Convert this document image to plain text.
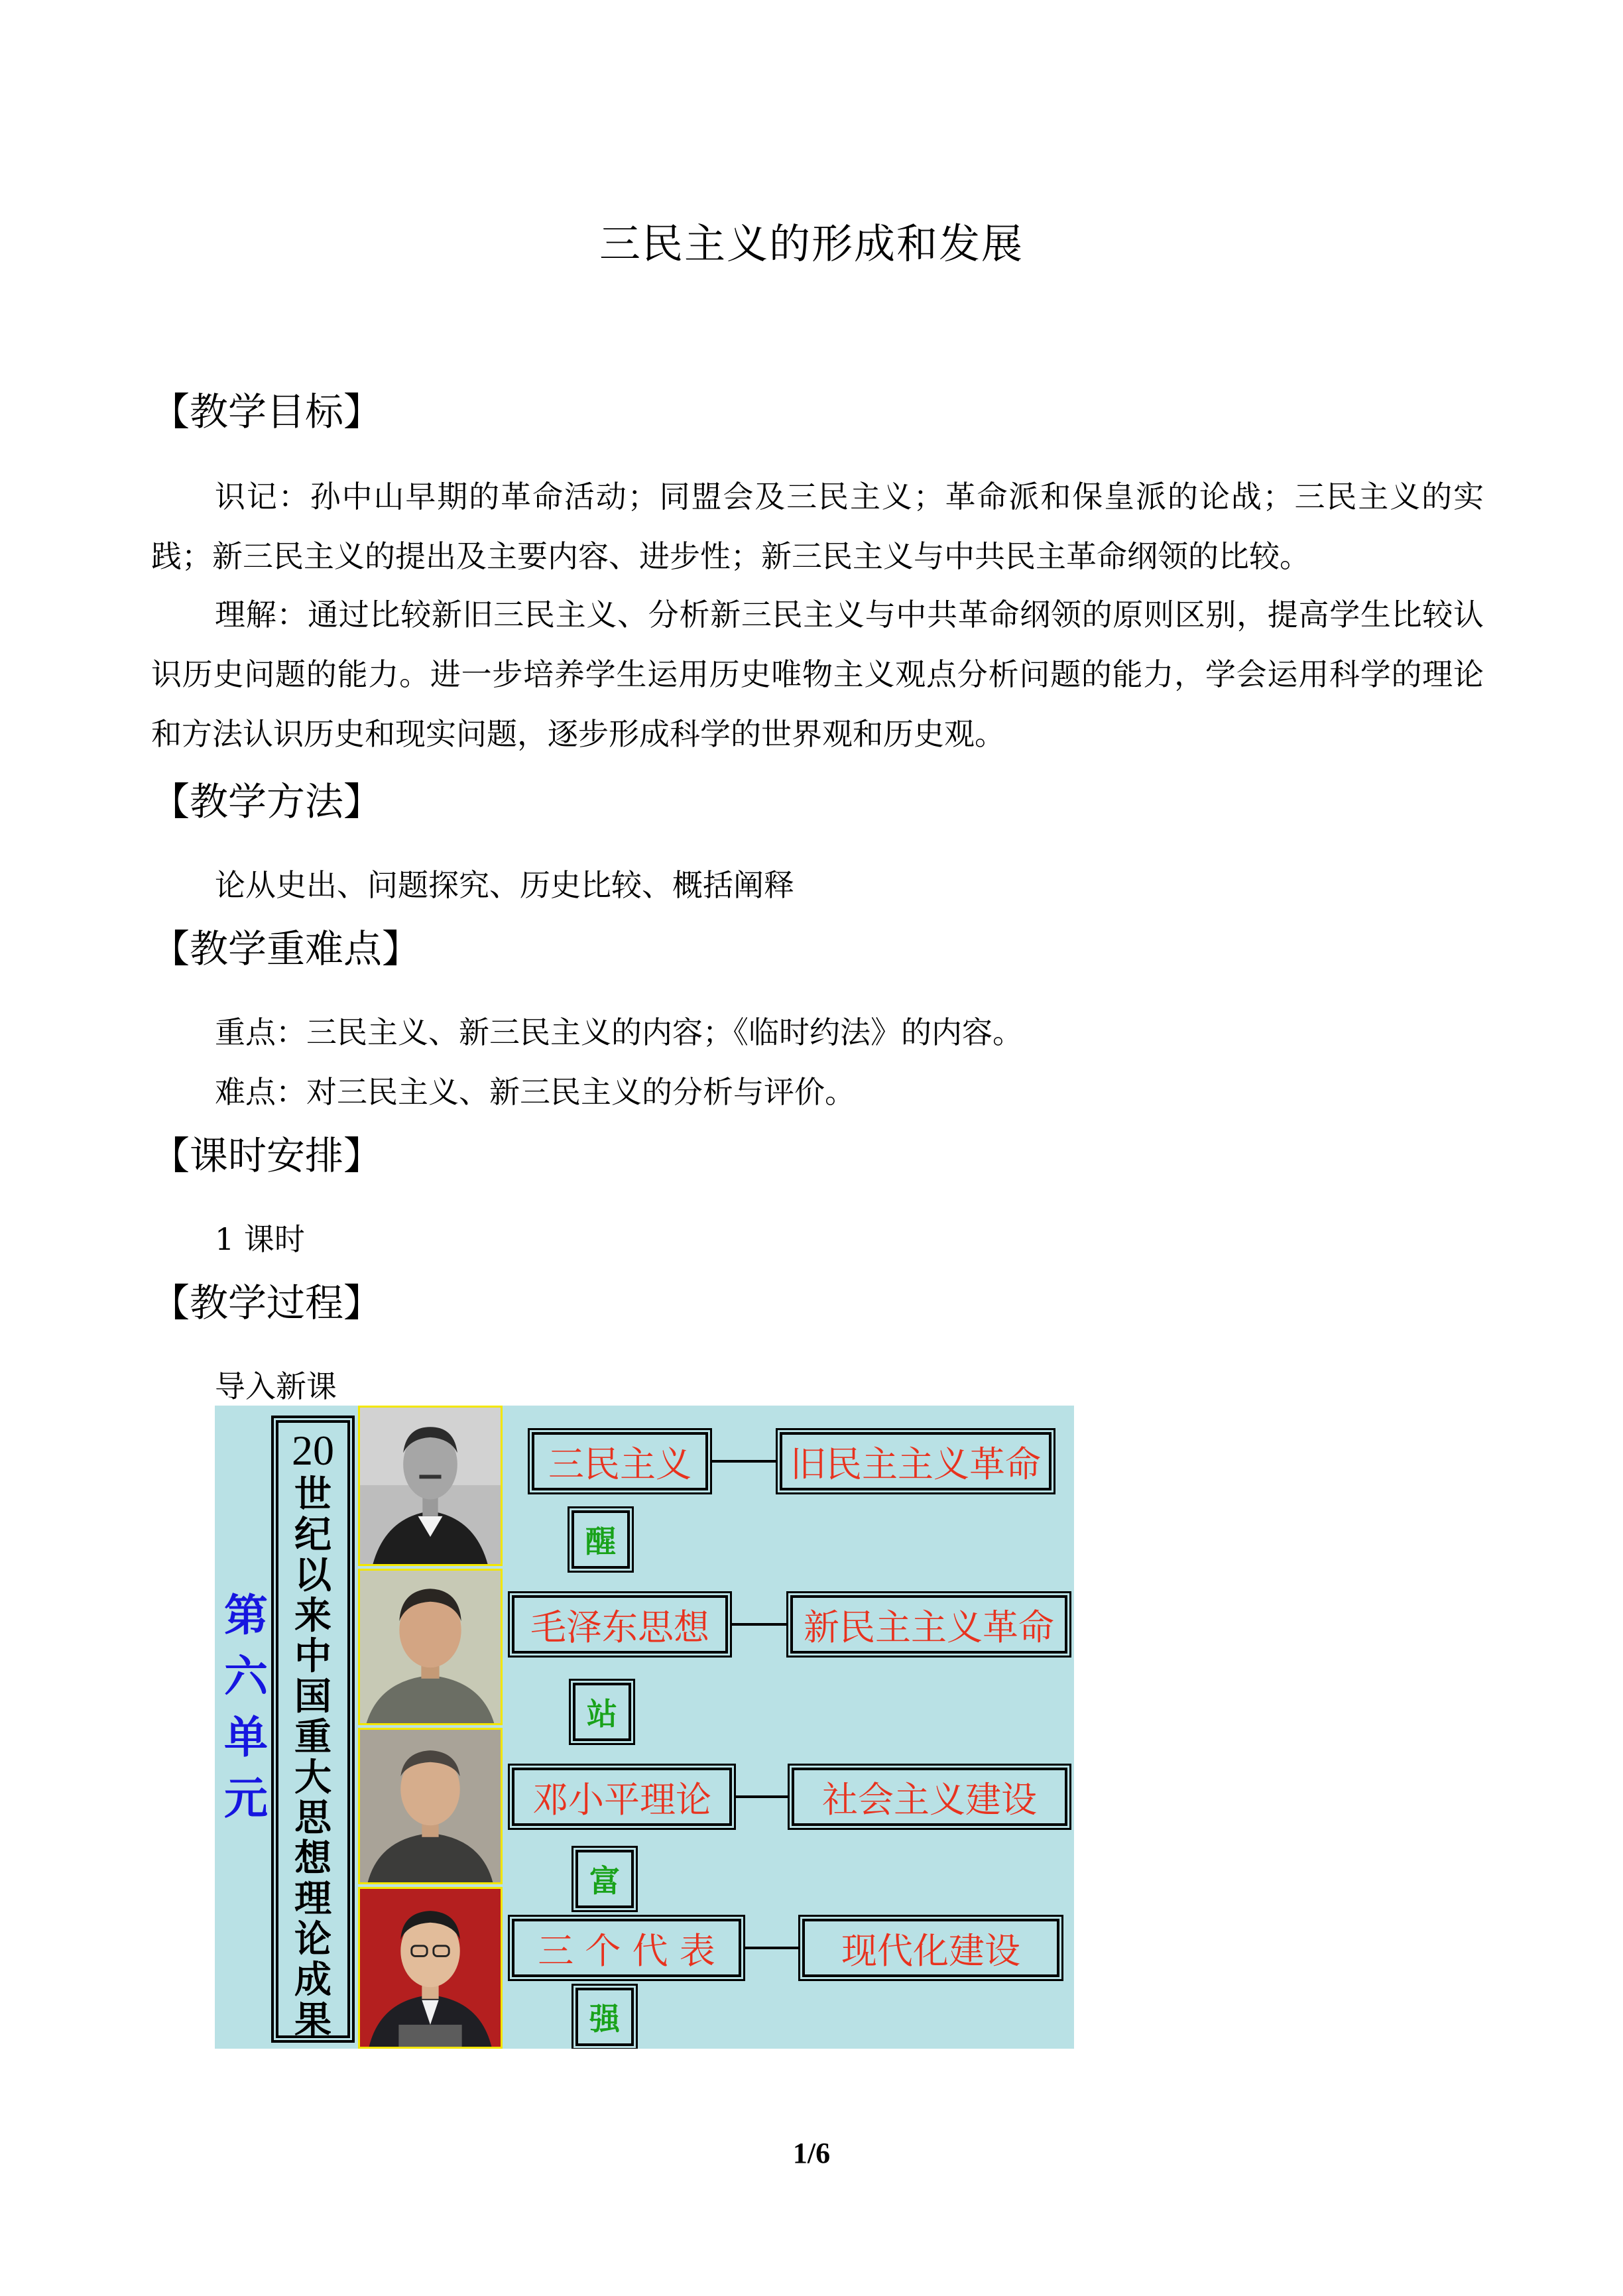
三民主义的形成和发展
【教学目标】
识记：孙中山早期的革命活动；同盟会及三民主义；革命派和保皇派的论战；三民主义的实践；新三民主义的提出及主要内容、进步性；新三民主义与中共民主革命纲领的比较。
理解：通过比较新旧三民主义、分析新三民主义与中共革命纲领的原则区别，提高学生比较认识历史问题的能力。进一步培养学生运用历史唯物主义观点分析问题的能力，学会运用科学的理论和方法认识历史和现实问题，逐步形成科学的世界观和历史观。
【教学方法】
论从史出、问题探究、历史比较、概括阐释
【教学重难点】
重点：三民主义、新三民主义的内容；《临时约法》的内容。
难点：对三民主义、新三民主义的分析与评价。
【课时安排】
1 课时
【教学过程】
导入新课
第
六
单
元
20
世
纪
以
来
中
国
重
大
思
想
理
论
成
果
三民主义	旧民主主义革命
醒
毛泽东思想	新民主主义革命
站
邓小平理论	社会主义建设
富
三 个 代 表	现代化建设
强
1/6
